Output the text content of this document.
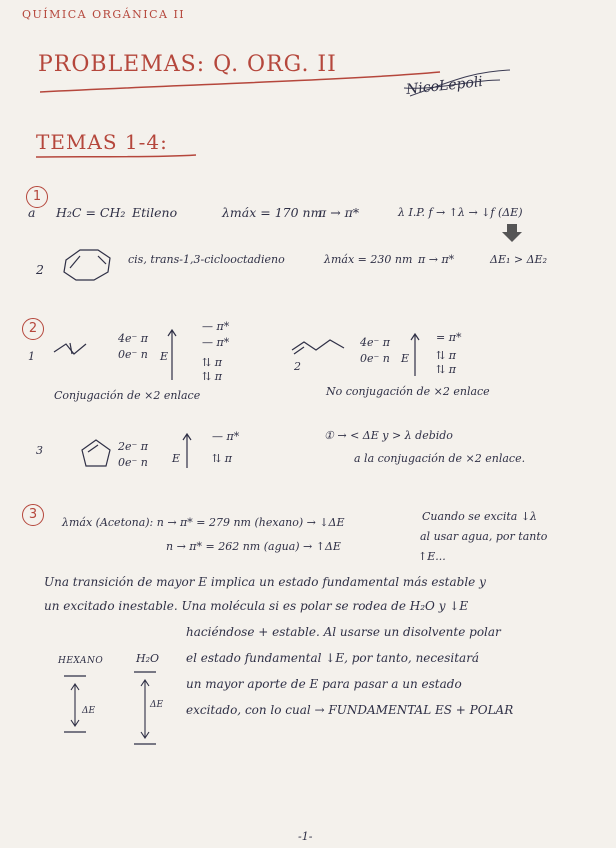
QUÍMICA ORGÁNICA II
PROBLEMAS: Q. ORG. II
NicoLepoli
TEMAS 1-4:
1
a H₂C = CH₂ Etileno	λmáx = 170 nm
π → π*	λ I.P. f → ↑λ → ↓f (ΔE)
2
cis, trans-1,3-ciclooctadieno	λmáx = 230 nm π → π*	ΔE₁ > ΔE₂
2
1
4e⁻ π
0e⁻ n E
— π*
— π*
⇅ π
⇅ π
Conjugación de ×2 enlace
2
4e⁻ π
0e⁻ n E
= π*
⇅ π
⇅ π
No conjugación de ×2 enlace
3	2e⁻ π
0e⁻ n E
— π*
⇅ π
① → < ΔE y > λ debido
a la conjugación de ×2 enlace.
3
λmáx (Acetona): n → π* = 279 nm (hexano) → ↓ΔE
n → π* = 262 nm (agua) → ↑ΔE
Cuando se excita ↓λ
al usar agua, por tanto
↑E...
Una transición de mayor E implica un estado fundamental más estable y
un excitado inestable. Una molécula si es polar se rodea de H₂O y ↓E
haciéndose + estable. Al usarse un disolvente polar
el estado fundamental ↓E, por tanto, necesitará
un mayor aporte de E para pasar a un estado
excitado, con lo cual → FUNDAMENTAL ES + POLAR
HEXANO	H₂O
ΔE
ΔE
-1-
